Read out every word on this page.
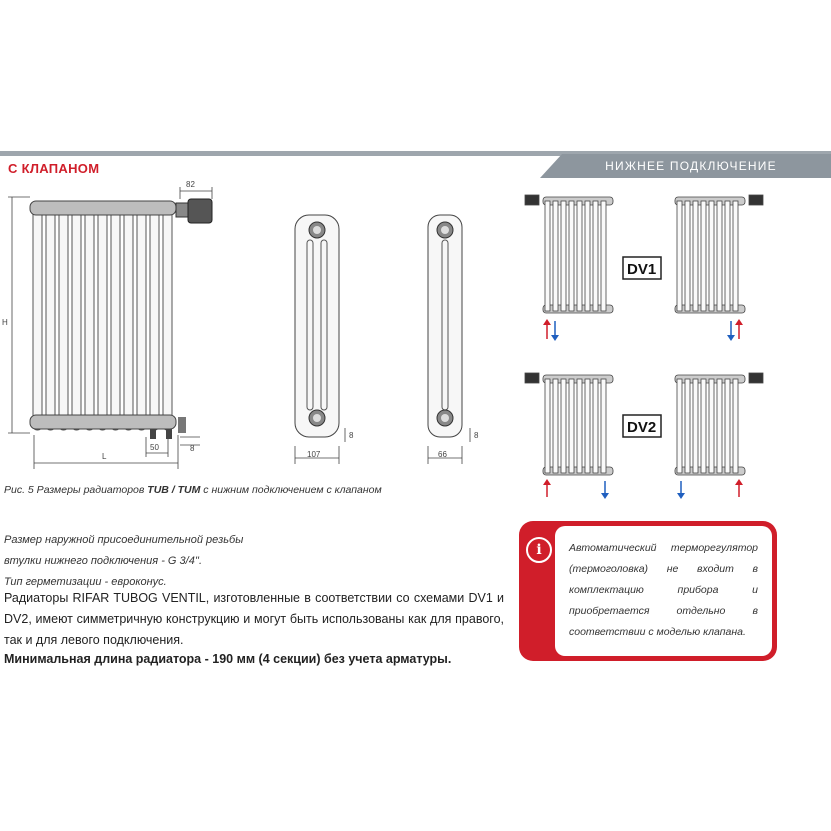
С КЛАПАНОМ	НИЖНЕЕ ПОДКЛЮЧЕНИЕ
82
H
L
50	8
107
8
66
8
DV1
DV2
Рис. 5 Размеры радиаторов TUB / TUM с нижним подключением с клапаном
Размер наружной присоединительной резьбы
втулки нижнего подключения - G 3/4''.
Тип герметизации - евроконус.
Радиаторы RIFAR TUBOG VENTIL, изготовленные в соответствии со схемами DV1 и DV2, имеют симметричную конструкцию и могут быть использованы как для правого, так и для левого подключения.
Минимальная длина радиатора - 190 мм (4 секции) без учета арматуры.
i	Автоматический терморегулятор (термоголовка) не входит в комплектацию прибора и приобретается отдельно в соответствии с моделью клапана.
